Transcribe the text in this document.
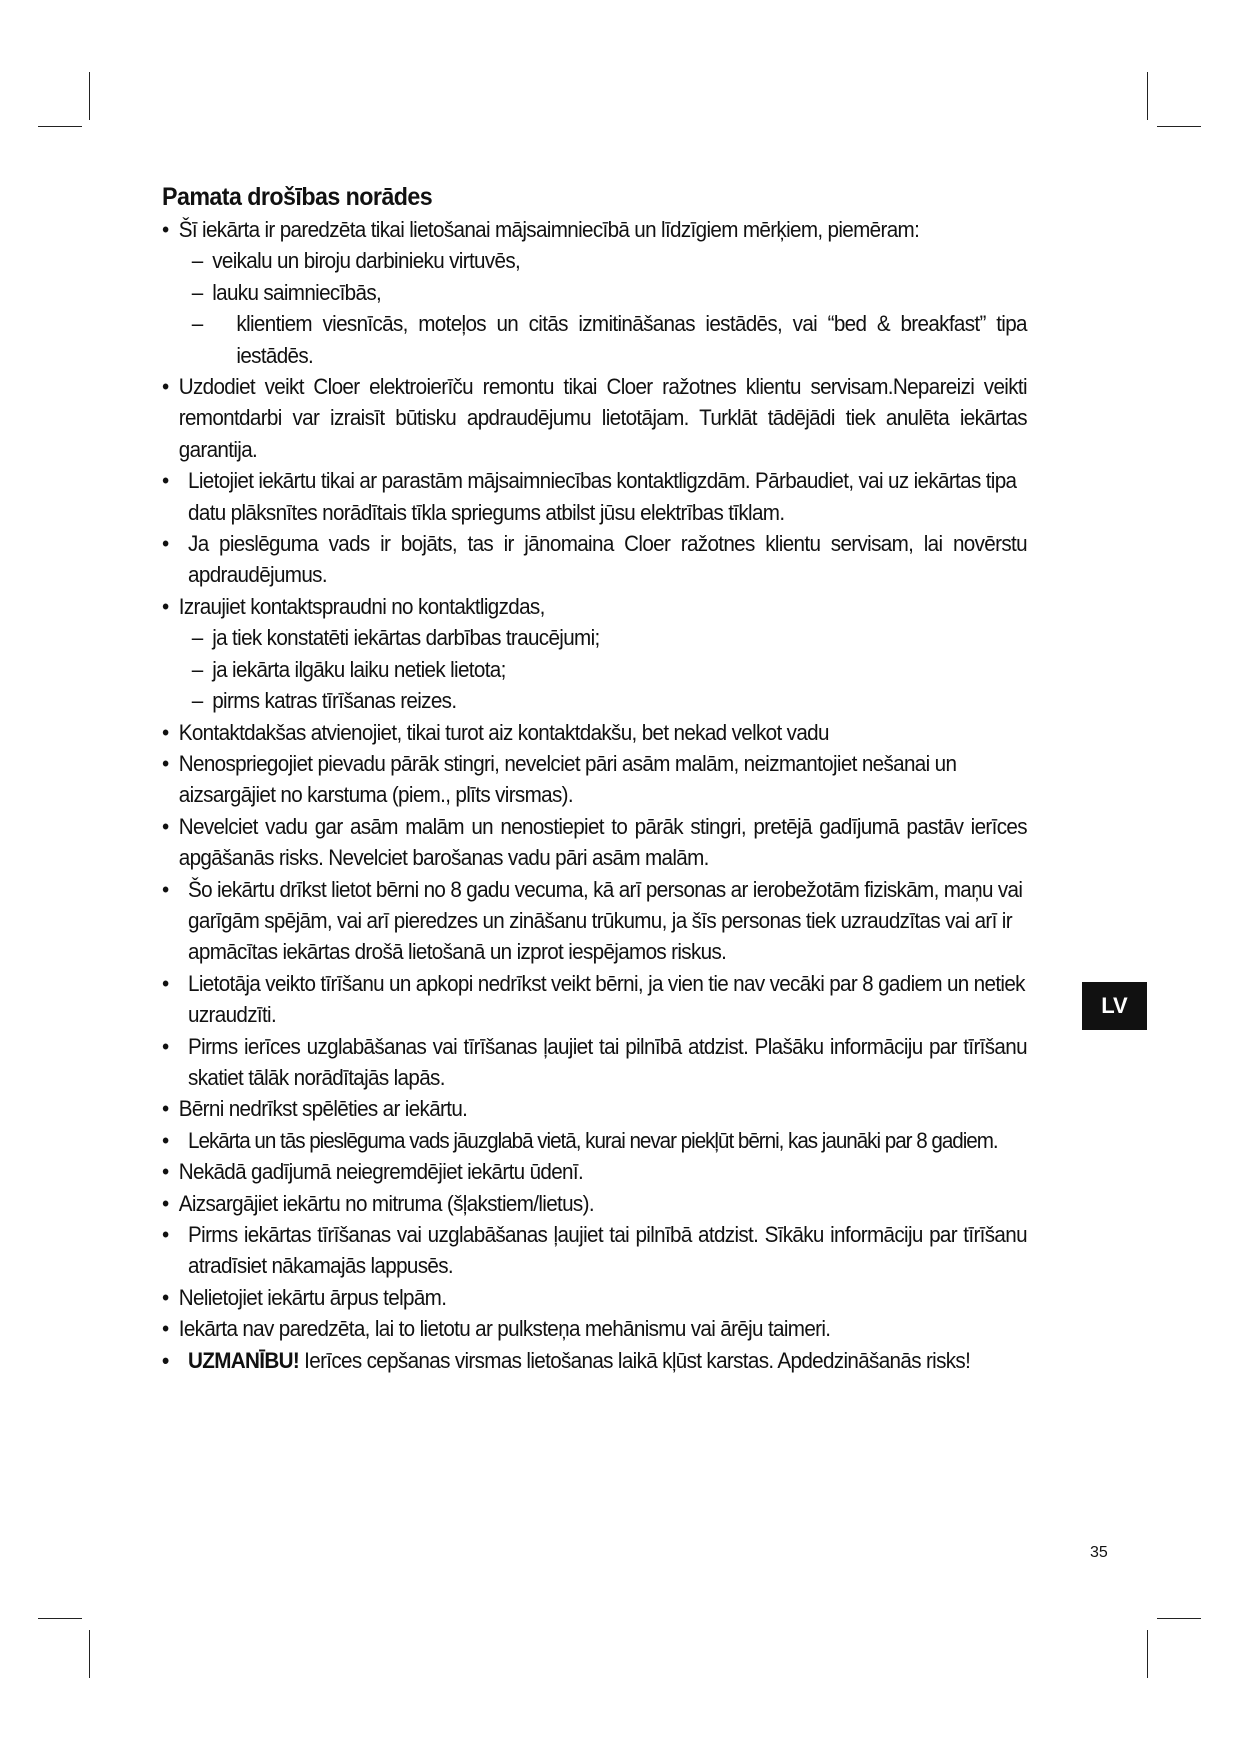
Pamata drošības norādes
• Šī iekārta ir paredzēta tikai lietošanai mājsaimniecībā un līdzīgiem mērķiem, piemēram:
– veikalu un biroju darbinieku virtuvēs,
– lauku saimniecībās,
– klientiem viesnīcās, moteļos un citās izmitināšanas iestādēs, vai “bed & breakfast” tipa iestādēs.
• Uzdodiet veikt Cloer elektroierīču remontu tikai Cloer ražotnes klientu servisam.Nepareizi veikti remontdarbi var izraisīt būtisku apdraudējumu lietotājam. Turklāt tādējādi tiek anulēta iekārtas garantija.
• Lietojiet iekārtu tikai ar parastām mājsaimniecības kontaktligzdām. Pārbaudiet, vai uz iekārtas tipa datu plāksnītes norādītais tīkla spriegums atbilst jūsu elektrības tīklam.
• Ja pieslēguma vads ir bojāts, tas ir jānomaina Cloer ražotnes klientu servisam, lai novērstu apdraudējumus.
• Izraujiet kontaktspraudni no kontaktligzdas,
– ja tiek konstatēti iekārtas darbības traucējumi;
– ja iekārta ilgāku laiku netiek lietota;
– pirms katras tīrīšanas reizes.
• Kontaktdakšas atvienojiet, tikai turot aiz kontaktdakšu, bet nekad velkot vadu
• Nenospriegojiet pievadu pārāk stingri, nevelciet pāri asām malām, neizmantojiet nešanai un aizsargājiet no karstuma (piem., plīts virsmas).
• Nevelciet vadu gar asām malām un nenostiepiet to pārāk stingri, pretējā gadījumā pastāv ierīces apgāšanās risks. Nevelciet barošanas vadu pāri asām malām.
• Šo iekārtu drīkst lietot bērni no 8 gadu vecuma, kā arī personas ar ierobežotām fiziskām, maņu vai garīgām spējām, vai arī pieredzes un zināšanu trūkumu, ja šīs personas tiek uzraudzītas vai arī ir apmācītas iekārtas drošā lietošanā un izprot iespējamos riskus.
• Lietotāja veikto tīrīšanu un apkopi nedrīkst veikt bērni, ja vien tie nav vecāki par 8 gadiem un netiek uzraudzīti.
• Pirms ierīces uzglabāšanas vai tīrīšanas ļaujiet tai pilnībā atdzist. Plašāku informāciju par tīrīšanu skatiet tālāk norādītajās lapās.
• Bērni nedrīkst spēlēties ar iekārtu.
• Lekārta un tās pieslēguma vads jāuzglabā vietā, kurai nevar piekļūt bērni, kas jaunāki par 8 gadiem.
• Nekādā gadījumā neiegremdējiet iekārtu ūdenī.
• Aizsargājiet iekārtu no mitruma (šļakstiem/lietus).
• Pirms iekārtas tīrīšanas vai uzglabāšanas ļaujiet tai pilnībā atdzist. Sīkāku informāciju par tīrīšanu atradīsiet nākamajās lappusēs.
• Nelietojiet iekārtu ārpus telpām.
• Iekārta nav paredzēta, lai to lietotu ar pulksteņa mehānismu vai ārēju taimeri.
• UZMANĪBU! Ierīces cepšanas virsmas lietošanas laikā kļūst karstas. Apdedzināšanās risks!
LV
35
